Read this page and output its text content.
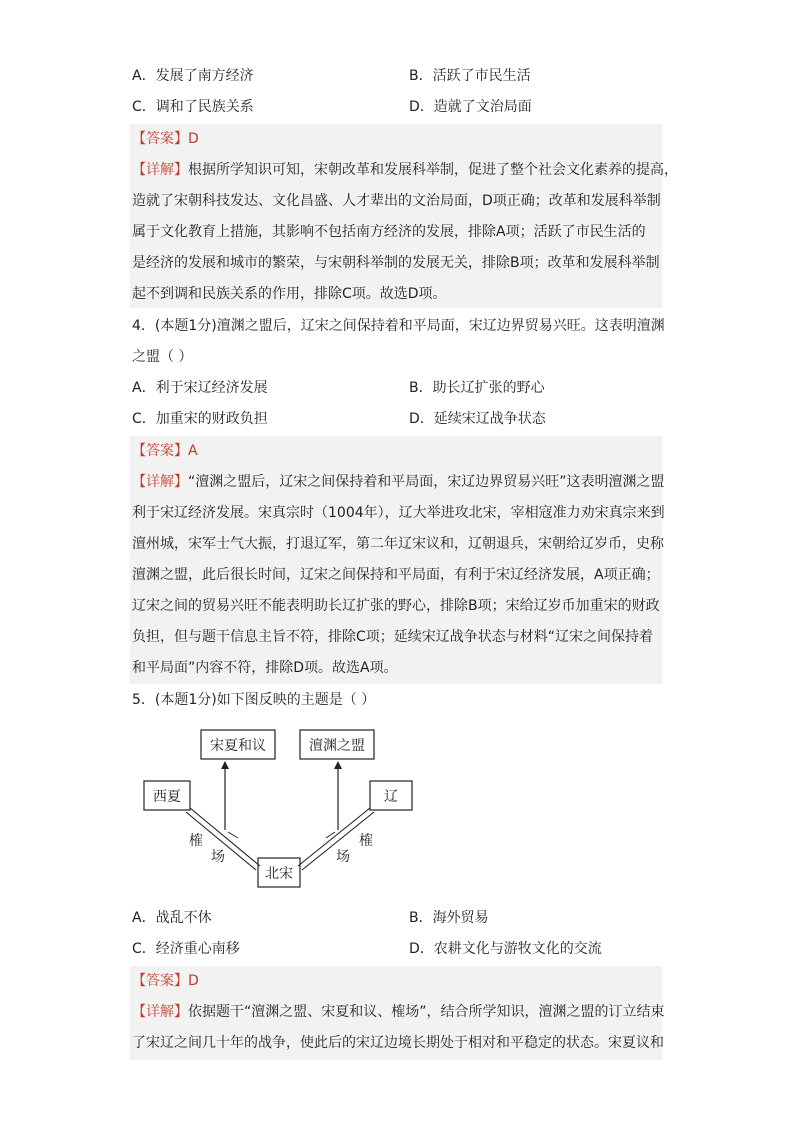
A．发展了南方经济	B．活跃了市民生活
C．调和了民族关系	D．造就了文治局面
【答案】D
【详解】根据所学知识可知，宋朝改革和发展科举制，促进了整个社会文化素养的提高，
造就了宋朝科技发达、文化昌盛、人才辈出的文治局面，D项正确；改革和发展科举制
属于文化教育上措施，其影响不包括南方经济的发展，排除A项；活跃了市民生活的
是经济的发展和城市的繁荣，与宋朝科举制的发展无关，排除B项；改革和发展科举制
起不到调和民族关系的作用，排除C项。故选D项。
4．(本题1分)澶渊之盟后，辽宋之间保持着和平局面，宋辽边界贸易兴旺。这表明澶渊
之盟（ ）
A．利于宋辽经济发展	B．助长辽扩张的野心
C．加重宋的财政负担	D．延续宋辽战争状态
【答案】A
【详解】“澶渊之盟后，辽宋之间保持着和平局面，宋辽边界贸易兴旺”这表明澶渊之盟
利于宋辽经济发展。宋真宗时（1004年），辽大举进攻北宋，宰相寇准力劝宋真宗来到
澶州城，宋军士气大振，打退辽军，第二年辽宋议和，辽朝退兵，宋朝给辽岁币，史称
澶渊之盟，此后很长时间，辽宋之间保持和平局面，有利于宋辽经济发展，A项正确；
辽宋之间的贸易兴旺不能表明助长辽扩张的野心，排除B项；宋给辽岁币加重宋的财政
负担，但与题干信息主旨不符，排除C项；延续宋辽战争状态与材料“辽宋之间保持着
和平局面”内容不符，排除D项。故选A项。
5．(本题1分)如下图反映的主题是（ ）
宋夏和议	澶渊之盟
西夏	辽
北宋
榷
场
榷
场
A．战乱不休	B．海外贸易
C．经济重心南移	D．农耕文化与游牧文化的交流
【答案】D
【详解】依据题干“澶渊之盟、宋夏和议、榷场”，结合所学知识，澶渊之盟的订立结束
了宋辽之间几十年的战争，使此后的宋辽边境长期处于相对和平稳定的状态。宋夏议和
